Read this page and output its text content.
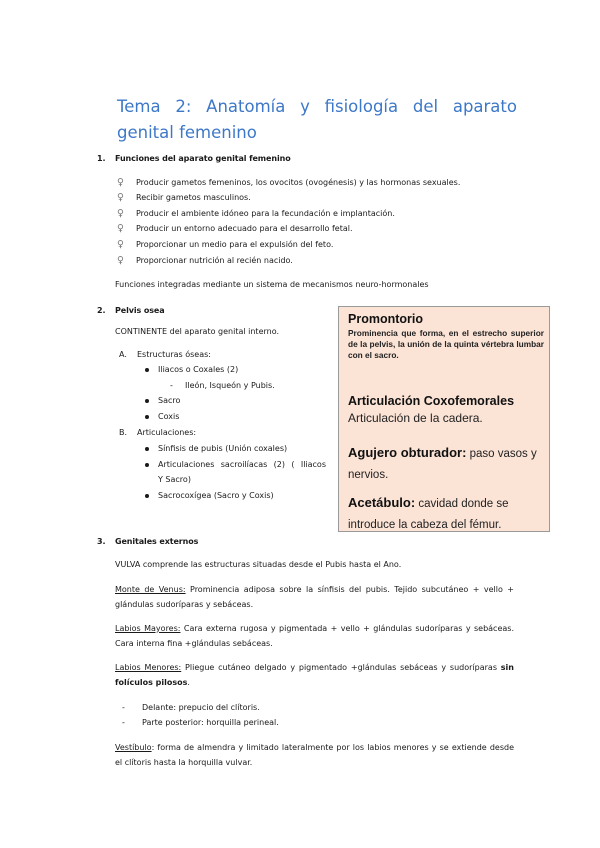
Tema 2: Anatomía y fisiología del aparato genital femenino
1. Funciones del aparato genital femenino
♀ Producir gametos femeninos, los ovocitos (ovogénesis) y las hormonas sexuales.
♀ Recibir gametos masculinos.
♀ Producir el ambiente idóneo para la fecundación e implantación.
♀ Producir un entorno adecuado para el desarrollo fetal.
♀ Proporcionar un medio para el expulsión del feto.
♀ Proporcionar nutrición al recién nacido.
Funciones integradas mediante un sistema de mecanismos neuro-hormonales
2. Pelvis osea
CONTINENTE del aparato genital interno.
A. Estructuras óseas:
Iliacos o Coxales (2)
- Ileón, Isqueón y Pubis.
Sacro
Coxis
B. Articulaciones:
Sínfisis de pubis (Unión coxales)
Articulaciones sacroilíacas (2) ( Iliacos
Y Sacro)
Sacrocoxígea (Sacro y Coxis)
Promontorio
Prominencia que forma, en el estrecho superior de la pelvis, la unión de la quinta vértebra lumbar con el sacro.
Articulación Coxofemorales
Articulación de la cadera.
Agujero obturador: paso vasos y nervios.
Acetábulo: cavidad donde se introduce la cabeza del fémur.
3. Genitales externos
VULVA comprende las estructuras situadas desde el Pubis hasta el Ano.
Monte de Venus: Prominencia adiposa sobre la sínfisis del pubis. Tejido subcutáneo + vello + glándulas sudoríparas y sebáceas.
Labios Mayores: Cara externa rugosa y pigmentada + vello + glándulas sudoríparas y sebáceas. Cara interna fina +glándulas sebáceas.
Labios Menores: Pliegue cutáneo delgado y pigmentado +glándulas sebáceas y sudoríparas sin folículos pilosos.
- Delante: prepucio del clítoris.
- Parte posterior: horquilla perineal.
Vestíbulo: forma de almendra y limitado lateralmente por los labios menores y se extiende desde el clítoris hasta la horquilla vulvar.
